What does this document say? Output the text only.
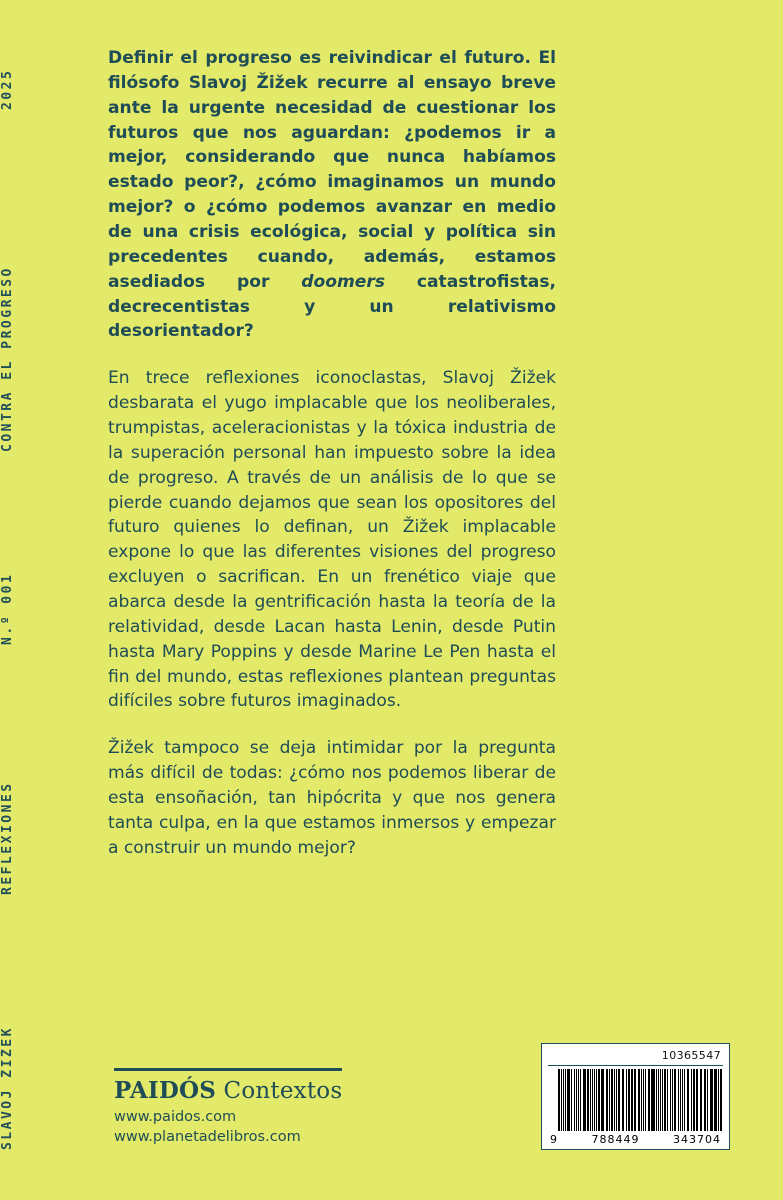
2025
CONTRA EL PROGRESO
N.º 001
REFLEXIONES
SLAVOJ ŽIŽEK

Definir el progreso es reivindicar el futuro. El filósofo Slavoj Žižek recurre al ensayo breve ante la urgente necesidad de cuestionar los futuros que nos aguardan: ¿podemos ir a mejor, considerando que nunca habíamos estado peor?, ¿cómo imaginamos un mundo mejor? o ¿cómo podemos avanzar en medio de una crisis ecológica, social y política sin precedentes cuando, además, estamos asediados por doomers catastrofistas, decrecentistas y un relativismo desorientador?

En trece reflexiones iconoclastas, Slavoj Žižek desbarata el yugo implacable que los neoliberales, trumpistas, aceleracionistas y la tóxica industria de la superación personal han impuesto sobre la idea de progreso. A través de un análisis de lo que se pierde cuando dejamos que sean los opositores del futuro quienes lo definan, un Žižek implacable expone lo que las diferentes visiones del progreso excluyen o sacrifican. En un frenético viaje que abarca desde la gentrificación hasta la teoría de la relatividad, desde Lacan hasta Lenin, desde Putin hasta Mary Poppins y desde Marine Le Pen hasta el fin del mundo, estas reflexiones plantean preguntas difíciles sobre futuros imaginados.

Žižek tampoco se deja intimidar por la pregunta más difícil de todas: ¿cómo nos podemos liberar de esta ensoñación, tan hipócrita y que nos genera tanta culpa, en la que estamos inmersos y empezar a construir un mundo mejor?

PAIDÓS Contextos
www.paidos.com
www.planetadelibros.com
10365547
9	788449	343704
